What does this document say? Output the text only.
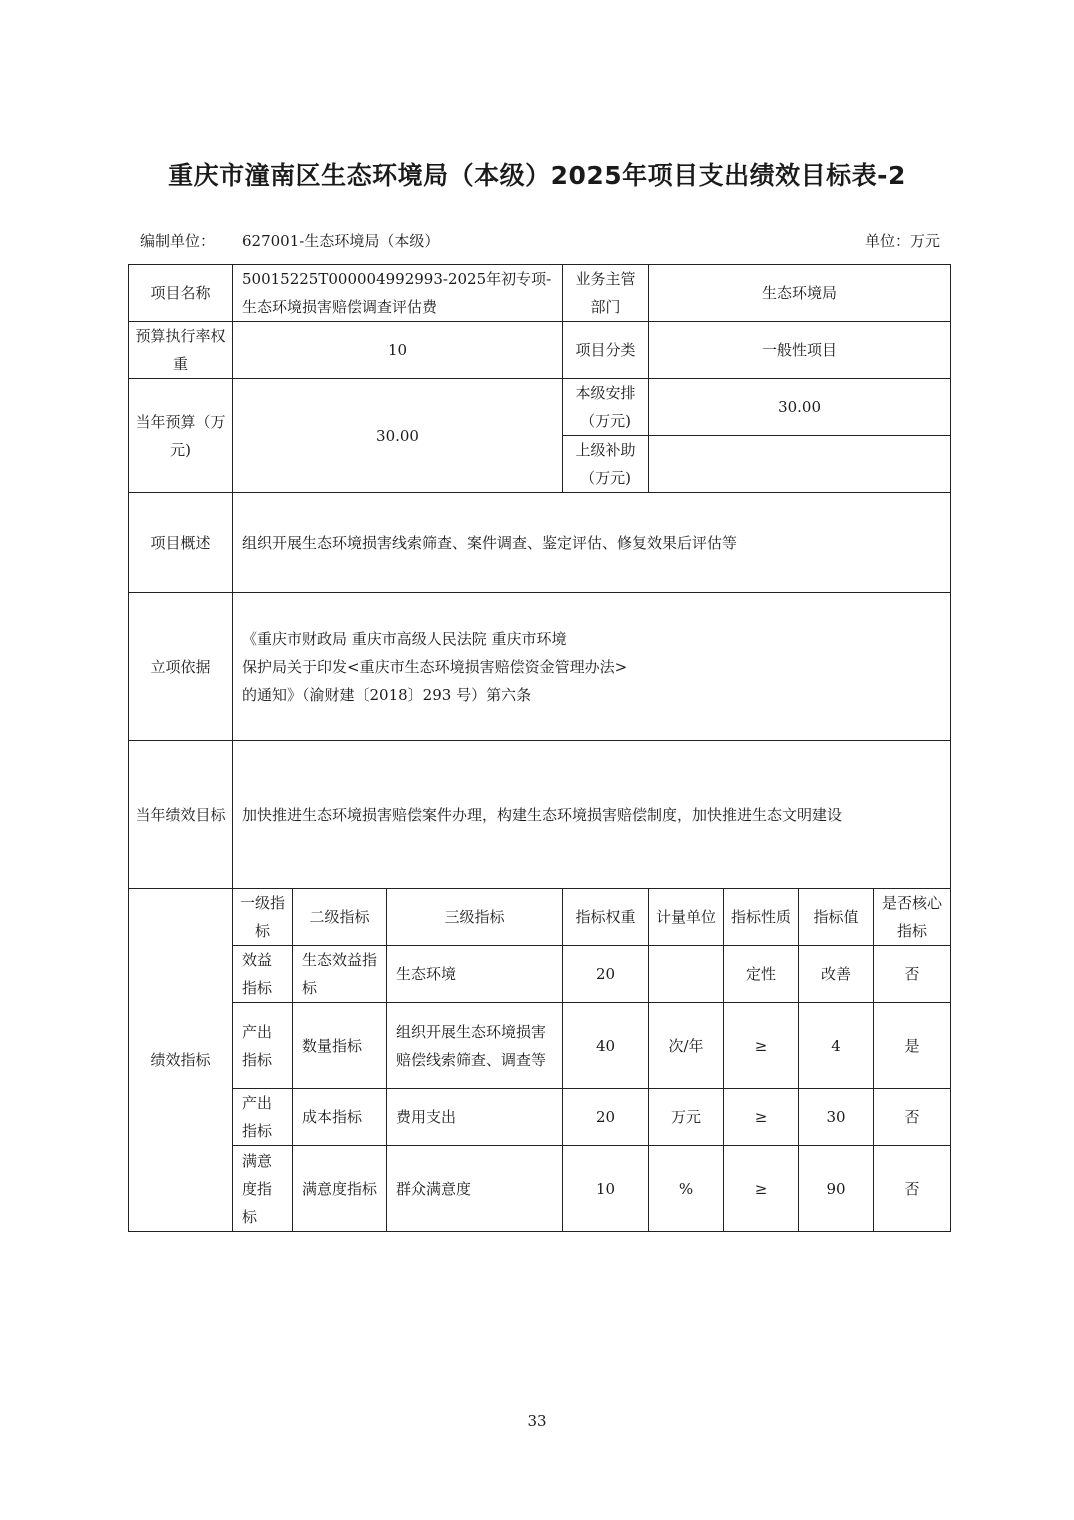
重庆市潼南区生态环境局（本级）2025年项目支出绩效目标表-2
编制单位： 627001-生态环境局（本级）	单位：万元
项目名称	50015225T000004992993-2025年初专项-生态环境损害赔偿调查评估费			业务主管部门	生态环境局			
预算执行率权重	10			项目分类	一般性项目			
当年预算（万元)	30.00			本级安排（万元)	30.00			
				上级补助（万元)				
项目概述	组织开展生态环境损害线索筛查、案件调查、鉴定评估、修复效果后评估等							
立项依据	《重庆市财政局 重庆市高级人民法院 重庆市环境
保护局关于印发<重庆市生态环境损害赔偿资金管理办法>
的通知》（渝财建〔2018〕293 号）第六条							

当年绩效目标	加快推进生态环境损害赔偿案件办理，构建生态环境损害赔偿制度，加快推进生态文明建设							
绩效指标	一级指标	二级指标	三级指标	指标权重	计量单位	指标性质	指标值	是否核心指标
	效益指标	生态效益指标	生态环境	20		定性	改善	否
	产出指标	数量指标	组织开展生态环境损害赔偿线索筛查、调查等	40	次/年	≥	4	是
	产出指标	成本指标	费用支出	20	万元	≥	30	否
	满意度指标	满意度指标	群众满意度	10	%	≥	90	否
33
